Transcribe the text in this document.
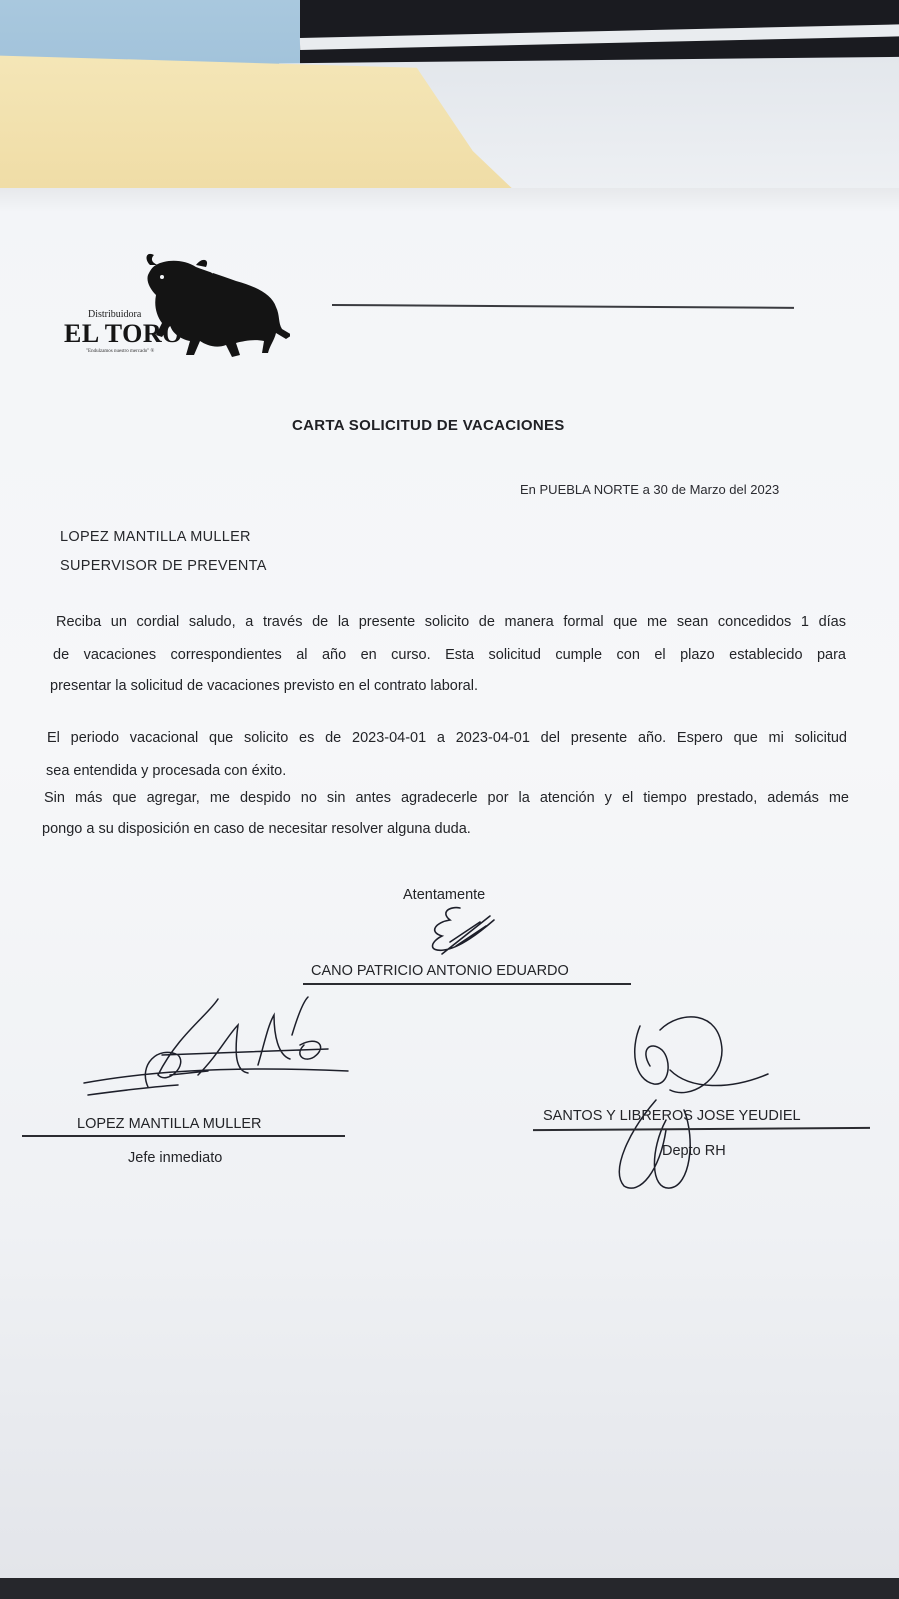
Distribuidora
EL TORO
"Endulzamos nuestro mercado" ®
CARTA SOLICITUD DE VACACIONES
En PUEBLA NORTE a 30 de Marzo del 2023
LOPEZ MANTILLA MULLER
SUPERVISOR DE PREVENTA
Reciba un cordial saludo, a través de la presente solicito de manera formal que me sean concedidos 1 días
de vacaciones correspondientes al año en curso. Esta solicitud cumple con el plazo establecido para
presentar la solicitud de vacaciones previsto en el contrato laboral.
El periodo vacacional que solicito es de 2023-04-01 a 2023-04-01 del presente año. Espero que mi solicitud
sea entendida y procesada con éxito.
Sin más que agregar, me despido no sin antes agradecerle por la atención y el tiempo prestado, además me
pongo a su disposición en caso de necesitar resolver alguna duda.
Atentamente
CANO PATRICIO ANTONIO EDUARDO
LOPEZ MANTILLA MULLER
Jefe inmediato
SANTOS Y LIBREROS JOSE YEUDIEL
Depto RH
